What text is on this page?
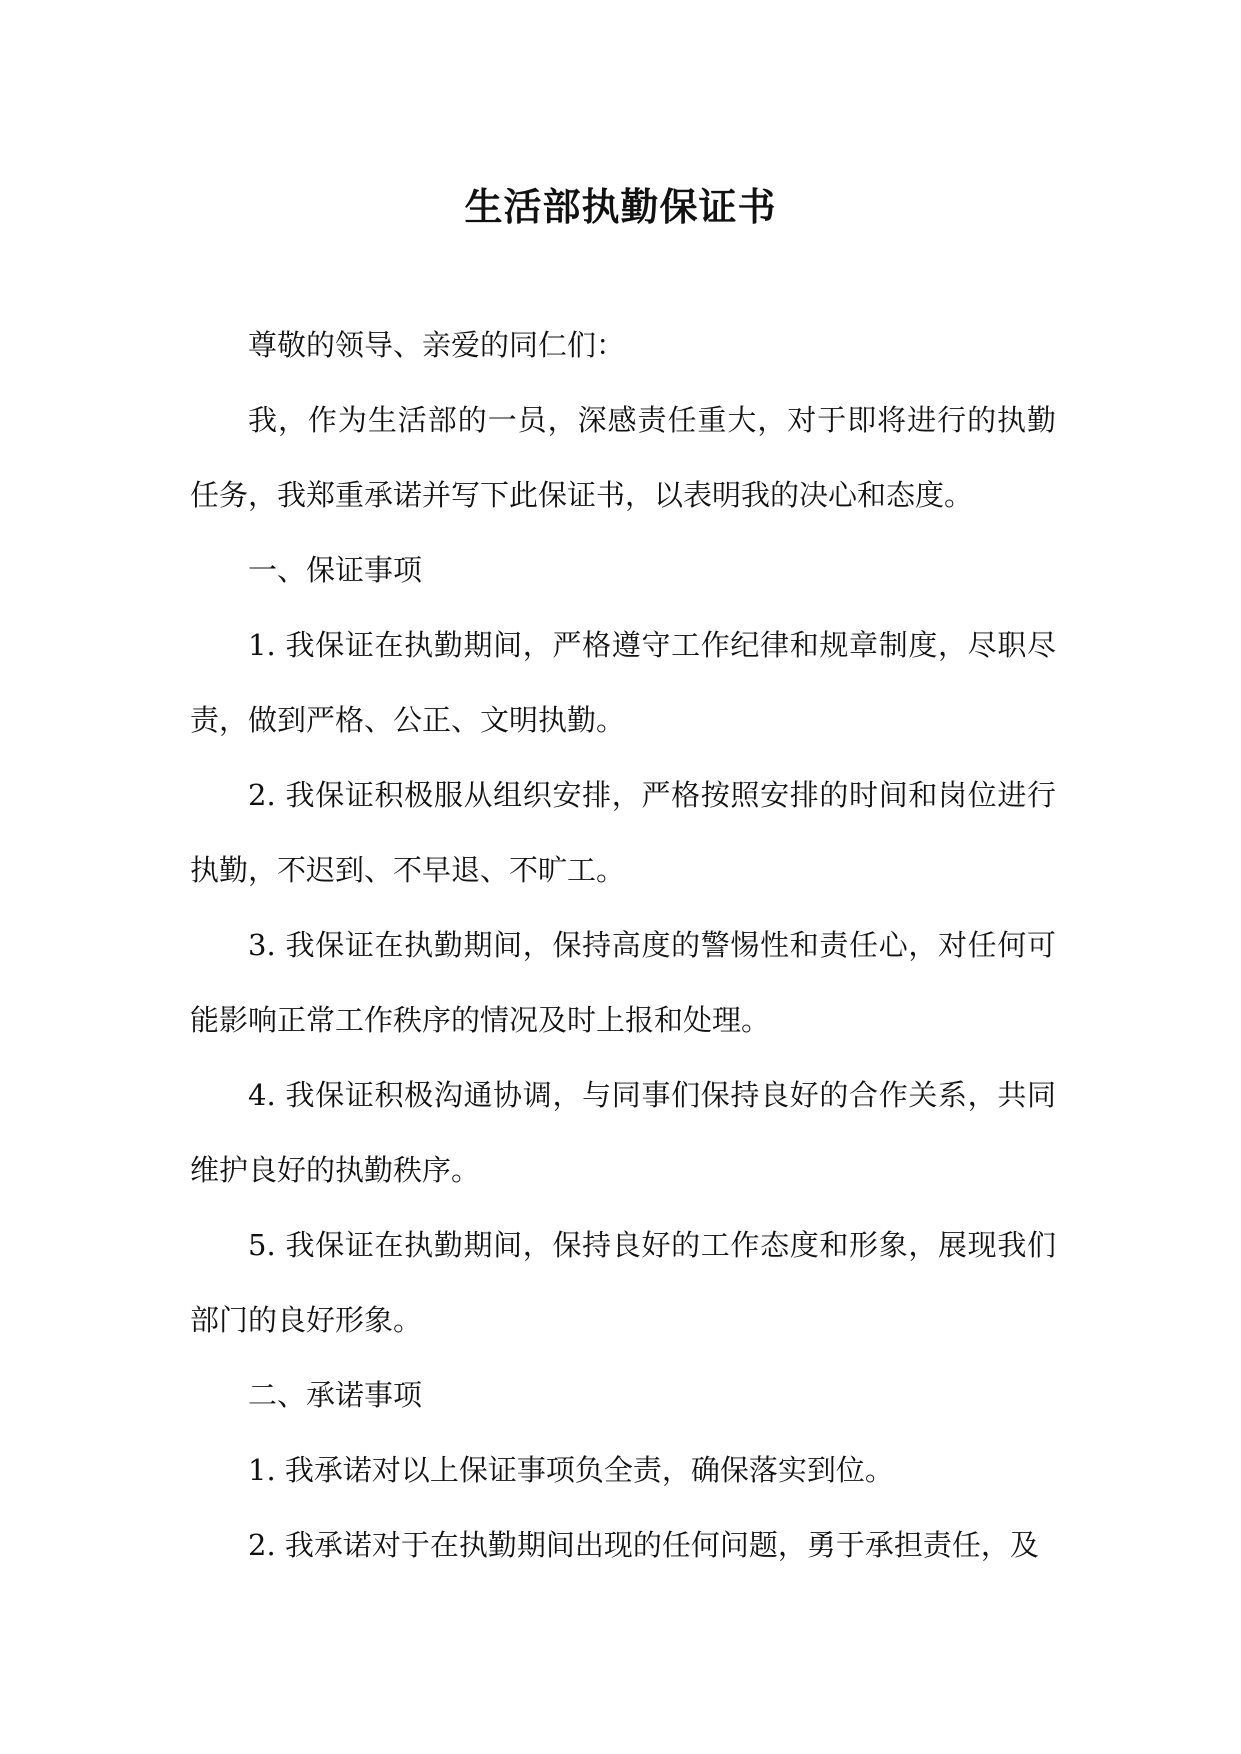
生活部执勤保证书

尊敬的领导、亲爱的同仁们：

我，作为生活部的一员，深感责任重大，对于即将进行的执勤任务，我郑重承诺并写下此保证书，以表明我的决心和态度。

一、保证事项

1. 我保证在执勤期间，严格遵守工作纪律和规章制度，尽职尽责，做到严格、公正、文明执勤。

2. 我保证积极服从组织安排，严格按照安排的时间和岗位进行执勤，不迟到、不早退、不旷工。

3. 我保证在执勤期间，保持高度的警惕性和责任心，对任何可能影响正常工作秩序的情况及时上报和处理。

4. 我保证积极沟通协调，与同事们保持良好的合作关系，共同维护良好的执勤秩序。

5. 我保证在执勤期间，保持良好的工作态度和形象，展现我们部门的良好形象。

二、承诺事项

1. 我承诺对以上保证事项负全责，确保落实到位。

2. 我承诺对于在执勤期间出现的任何问题，勇于承担责任，及
